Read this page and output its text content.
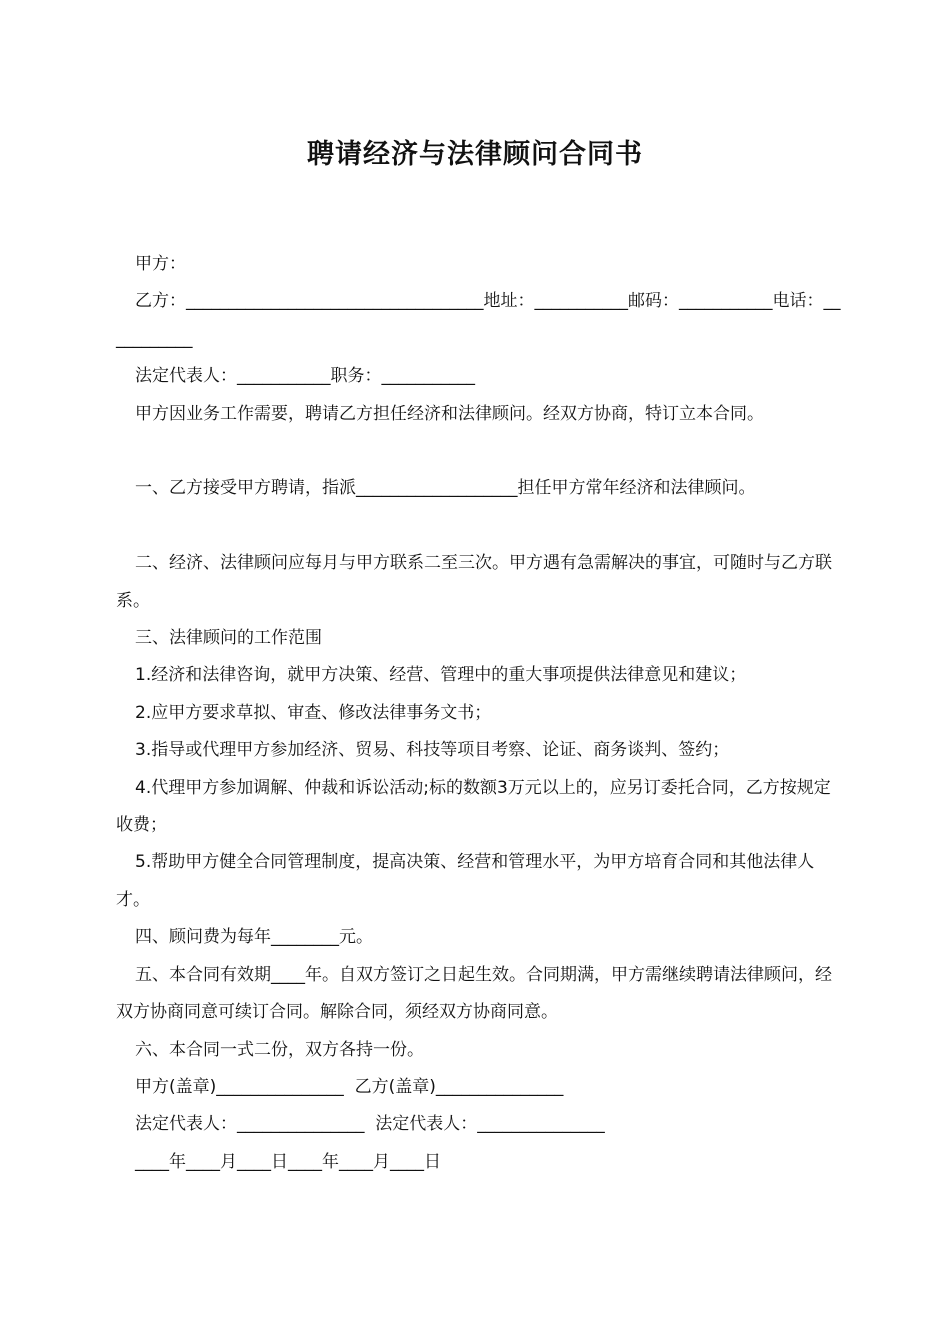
聘请经济与法律顾问合同书

甲方：

乙方：___________________________________地址：___________邮码：___________电话：___________

法定代表人：___________职务：___________

甲方因业务工作需要，聘请乙方担任经济和法律顾问。经双方协商，特订立本合同。

一、乙方接受甲方聘请，指派___________________担任甲方常年经济和法律顾问。

二、经济、法律顾问应每月与甲方联系二至三次。甲方遇有急需解决的事宜，可随时与乙方联系。

三、法律顾问的工作范围

1.经济和法律咨询，就甲方决策、经营、管理中的重大事项提供法律意见和建议；

2.应甲方要求草拟、审查、修改法律事务文书；

3.指导或代理甲方参加经济、贸易、科技等项目考察、论证、商务谈判、签约；

4.代理甲方参加调解、仲裁和诉讼活动;标的数额3万元以上的，应另订委托合同，乙方按规定收费；

5.帮助甲方健全合同管理制度，提高决策、经营和管理水平，为甲方培育合同和其他法律人才。

四、顾问费为每年________元。

五、本合同有效期____年。自双方签订之日起生效。合同期满，甲方需继续聘请法律顾问，经双方协商同意可续订合同。解除合同，须经双方协商同意。

六、本合同一式二份，双方各持一份。

甲方(盖章)_______________  乙方(盖章)_______________

法定代表人：_______________  法定代表人：_______________

____年____月____日____年____月____日
